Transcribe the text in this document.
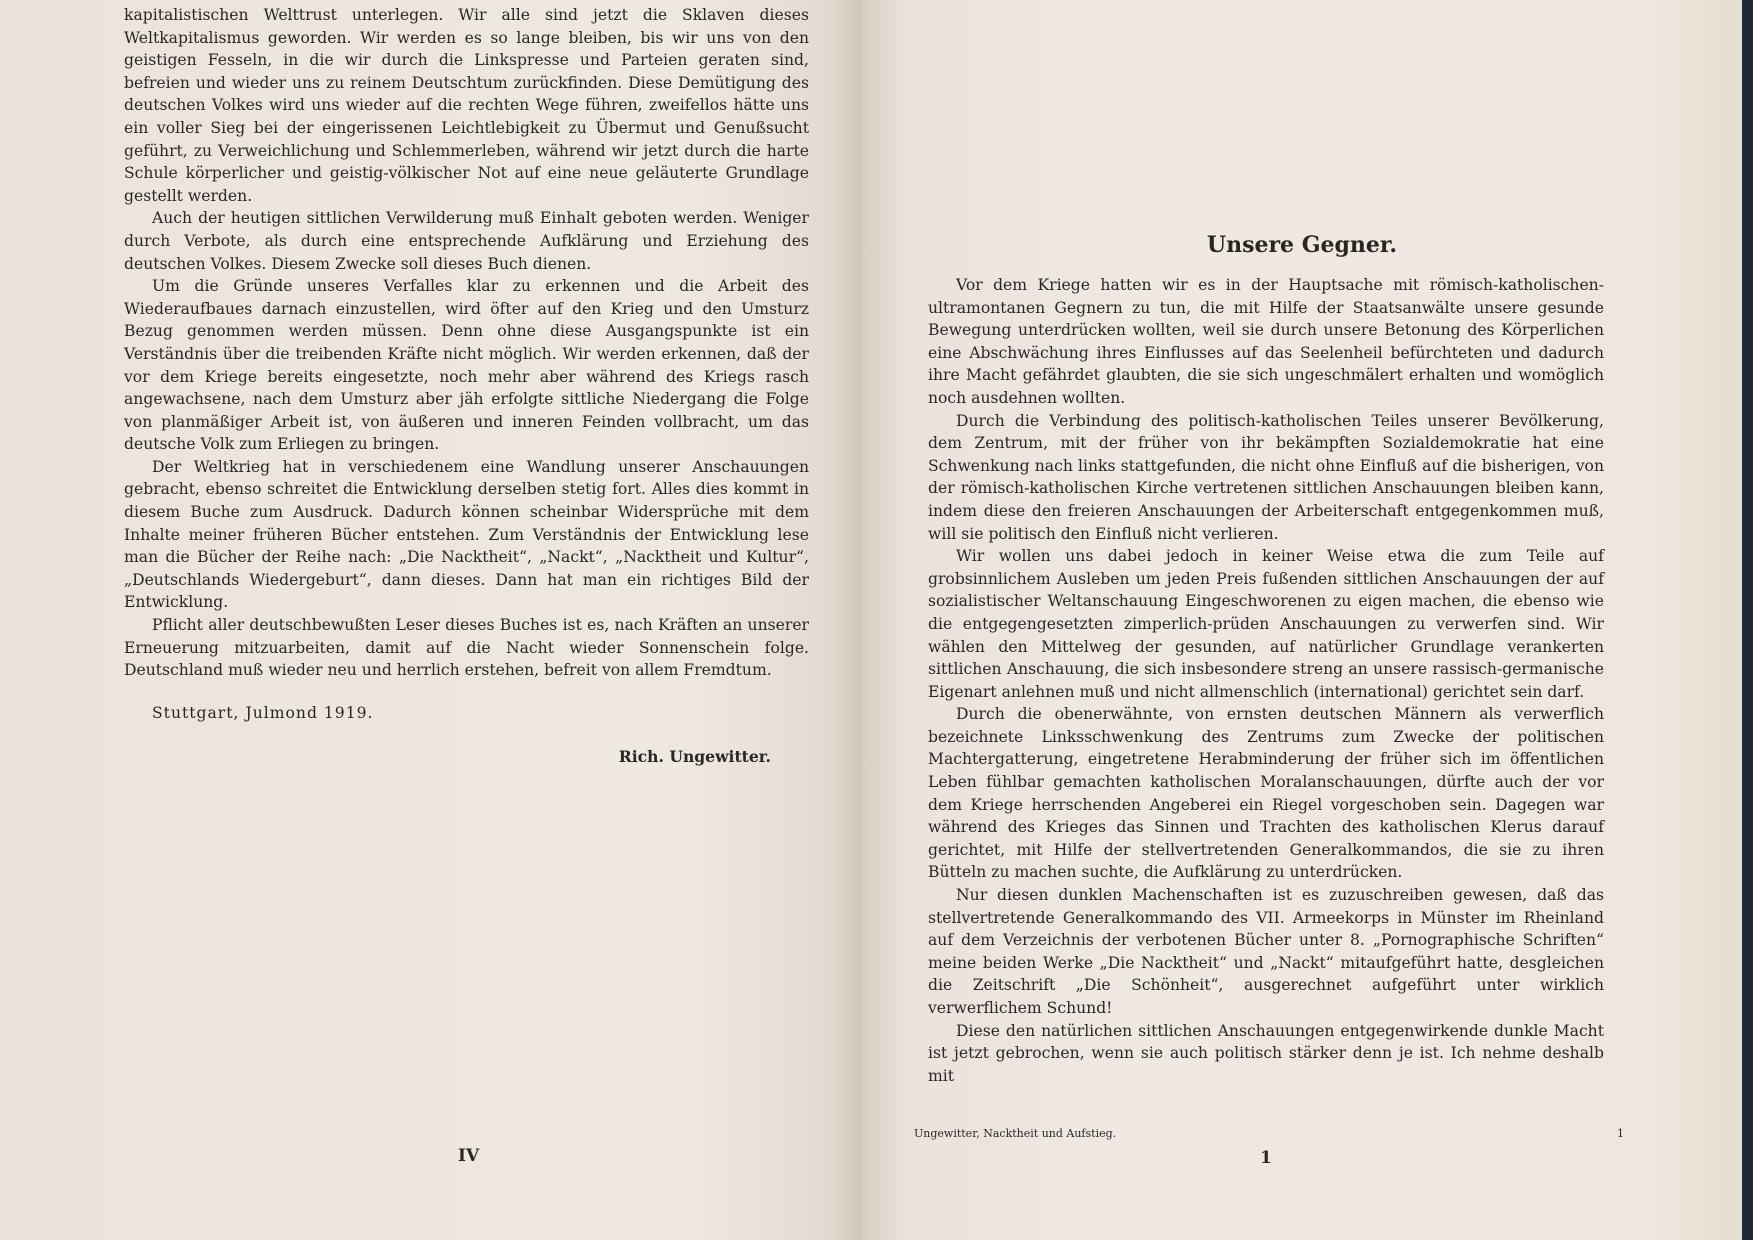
kapitalistischen Welttrust unterlegen. Wir alle sind jetzt die Sklaven dieses Weltkapitalismus geworden. Wir werden es so lange bleiben, bis wir uns von den geistigen Fesseln, in die wir durch die Linkspresse und Parteien geraten sind, befreien und wieder uns zu reinem Deutschtum zurückfinden. Diese Demütigung des deutschen Volkes wird uns wieder auf die rechten Wege führen, zweifellos hätte uns ein voller Sieg bei der eingerissenen Leichtlebigkeit zu Übermut und Genußsucht geführt, zu Verweichlichung und Schlemmerleben, während wir jetzt durch die harte Schule körperlicher und geistig-völkischer Not auf eine neue geläuterte Grundlage gestellt werden.

Auch der heutigen sittlichen Verwilderung muß Einhalt geboten werden. Weniger durch Verbote, als durch eine entsprechende Aufklärung und Erziehung des deutschen Volkes. Diesem Zwecke soll dieses Buch dienen.

Um die Gründe unseres Verfalles klar zu erkennen und die Arbeit des Wiederaufbaues darnach einzustellen, wird öfter auf den Krieg und den Umsturz Bezug genommen werden müssen. Denn ohne diese Ausgangspunkte ist ein Verständnis über die treibenden Kräfte nicht möglich. Wir werden erkennen, daß der vor dem Kriege bereits eingesetzte, noch mehr aber während des Kriegs rasch angewachsene, nach dem Umsturz aber jäh erfolgte sittliche Niedergang die Folge von planmäßiger Arbeit ist, von äußeren und inneren Feinden vollbracht, um das deutsche Volk zum Erliegen zu bringen.

Der Weltkrieg hat in verschiedenem eine Wandlung unserer Anschauungen gebracht, ebenso schreitet die Entwicklung derselben stetig fort. Alles dies kommt in diesem Buche zum Ausdruck. Dadurch können scheinbar Widersprüche mit dem Inhalte meiner früheren Bücher entstehen. Zum Verständnis der Entwicklung lese man die Bücher der Reihe nach: „Die Nacktheit“, „Nackt“, „Nacktheit und Kultur“, „Deutschlands Wiedergeburt“, dann dieses. Dann hat man ein richtiges Bild der Entwicklung.

Pflicht aller deutschbewußten Leser dieses Buches ist es, nach Kräften an unserer Erneuerung mitzuarbeiten, damit auf die Nacht wieder Sonnenschein folge. Deutschland muß wieder neu und herrlich erstehen, befreit von allem Fremdtum.

Stuttgart, Julmond 1919.

Rich. Ungewitter.

IV
Unsere Gegner.

Vor dem Kriege hatten wir es in der Hauptsache mit römisch-katholischen-ultramontanen Gegnern zu tun, die mit Hilfe der Staatsanwälte unsere gesunde Bewegung unterdrücken wollten, weil sie durch unsere Betonung des Körperlichen eine Abschwächung ihres Einflusses auf das Seelenheil befürchteten und dadurch ihre Macht gefährdet glaubten, die sie sich ungeschmälert erhalten und womöglich noch ausdehnen wollten.

Durch die Verbindung des politisch-katholischen Teiles unserer Bevölkerung, dem Zentrum, mit der früher von ihr bekämpften Sozialdemokratie hat eine Schwenkung nach links stattgefunden, die nicht ohne Einfluß auf die bisherigen, von der römisch-katholischen Kirche vertretenen sittlichen Anschauungen bleiben kann, indem diese den freieren Anschauungen der Arbeiterschaft entgegenkommen muß, will sie politisch den Einfluß nicht verlieren.

Wir wollen uns dabei jedoch in keiner Weise etwa die zum Teile auf grobsinnlichem Ausleben um jeden Preis fußenden sittlichen Anschauungen der auf sozialistischer Weltanschauung Eingeschworenen zu eigen machen, die ebenso wie die entgegengesetzten zimperlich-prüden Anschauungen zu verwerfen sind. Wir wählen den Mittelweg der gesunden, auf natürlicher Grundlage verankerten sittlichen Anschauung, die sich insbesondere streng an unsere rassisch-germanische Eigenart anlehnen muß und nicht allmenschlich (international) gerichtet sein darf.

Durch die obenerwähnte, von ernsten deutschen Männern als verwerflich bezeichnete Linksschwenkung des Zentrums zum Zwecke der politischen Machtergatterung, eingetretene Herabminderung der früher sich im öffentlichen Leben fühlbar gemachten katholischen Moralanschauungen, dürfte auch der vor dem Kriege herrschenden Angeberei ein Riegel vorgeschoben sein. Dagegen war während des Krieges das Sinnen und Trachten des katholischen Klerus darauf gerichtet, mit Hilfe der stellvertretenden Generalkommandos, die sie zu ihren Bütteln zu machen suchte, die Aufklärung zu unterdrücken.

Nur diesen dunklen Machenschaften ist es zuzuschreiben gewesen, daß das stellvertretende Generalkommando des VII. Armeekorps in Münster im Rheinland auf dem Verzeichnis der verbotenen Bücher unter 8. „Pornographische Schriften“ meine beiden Werke „Die Nacktheit“ und „Nackt“ mitaufgeführt hatte, desgleichen die Zeitschrift „Die Schönheit“, ausgerechnet aufgeführt unter wirklich verwerflichem Schund!

Diese den natürlichen sittlichen Anschauungen entgegenwirkende dunkle Macht ist jetzt gebrochen, wenn sie auch politisch stärker denn je ist. Ich nehme deshalb mit

Ungewitter, Nacktheit und Aufstieg.	1
1
